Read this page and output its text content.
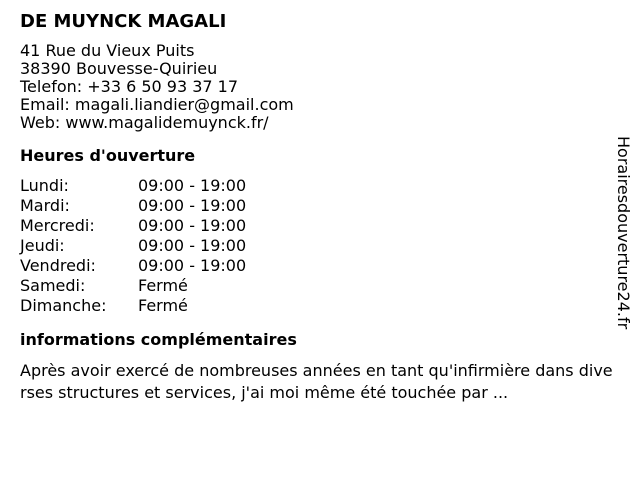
DE MUYNCK MAGALI
41 Rue du Vieux Puits
38390 Bouvesse-Quirieu
Telefon: +33 6 50 93 37 17
Email: magali.liandier@gmail.com
Web: www.magalidemuynck.fr/
Heures d'ouverture
Lundi:	09:00 - 19:00
Mardi:	09:00 - 19:00
Mercredi:	09:00 - 19:00
Jeudi:	09:00 - 19:00
Vendredi:	09:00 - 19:00
Samedi:	Fermé
Dimanche:	Fermé
informations complémentaires
Après avoir exercé de nombreuses années en tant qu'infirmière dans diverses structures et services, j'ai moi même été touchée par ...
Horairesdouverture24.fr
